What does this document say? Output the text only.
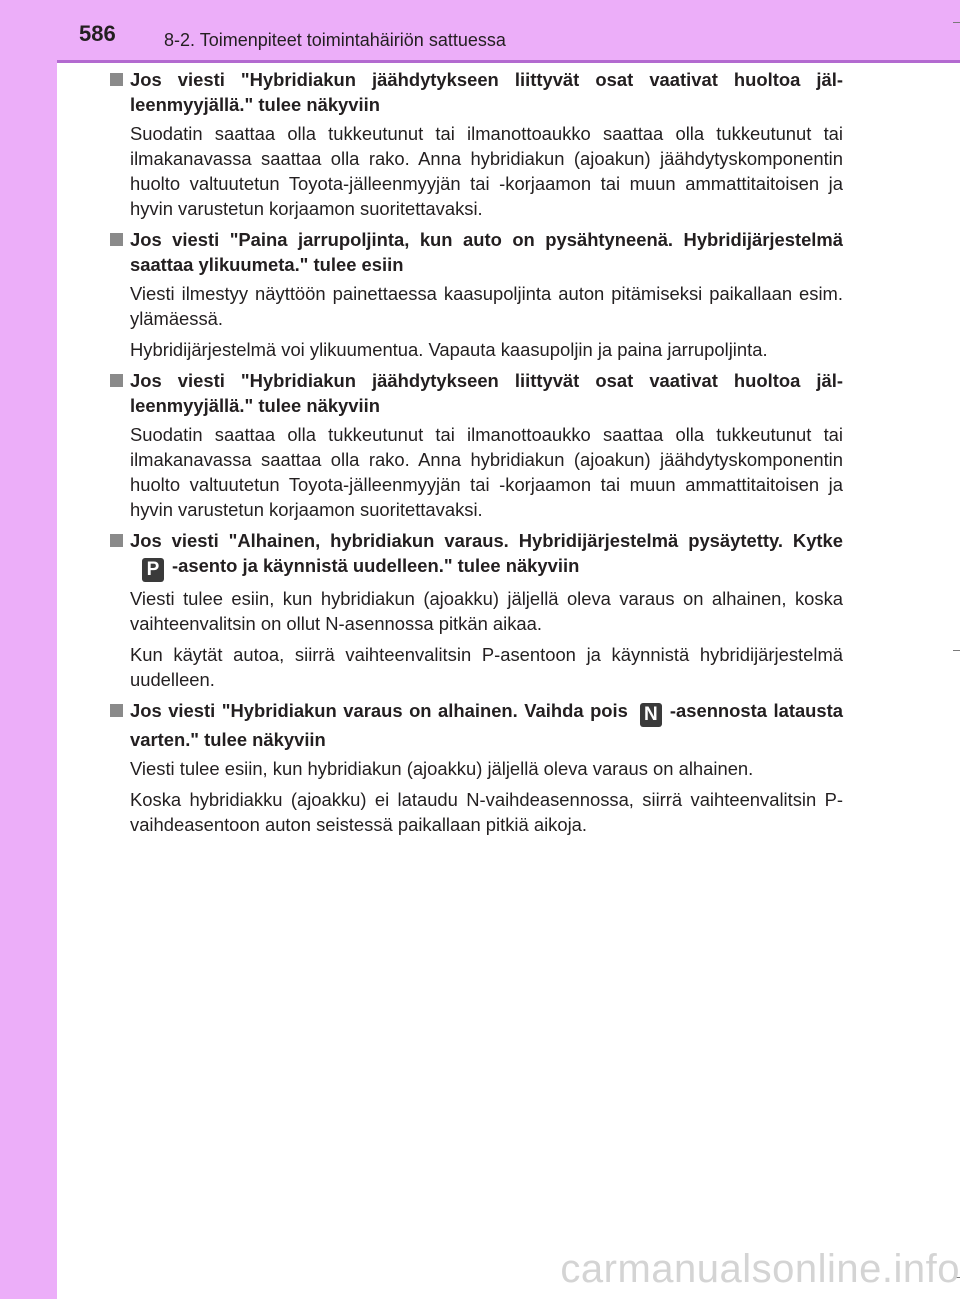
586	8-2. Toimenpiteet toimintahäiriön sattuessa
Jos viesti "Hybridiakun jäähdytykseen liittyvät osat vaativat huoltoa jälleenmyyjällä." tulee näkyviin
Suodatin saattaa olla tukkeutunut tai ilmanottoaukko saattaa olla tukkeutunut tai ilmakanavassa saattaa olla rako. Anna hybridiakun (ajoakun) jäähdytyskomponentin huolto valtuutetun Toyota-jälleenmyyjän tai -korjaamon tai muun ammattitaitoisen ja hyvin varustetun korjaamon suoritettavaksi.
Jos viesti "Paina jarrupoljinta, kun auto on pysähtyneenä. Hybridijärjestelmä saattaa ylikuumeta." tulee esiin
Viesti ilmestyy näyttöön painettaessa kaasupoljinta auton pitämiseksi paikallaan esim. ylämäessä.
Hybridijärjestelmä voi ylikuumentua. Vapauta kaasupoljin ja paina jarrupoljinta.
Jos viesti "Hybridiakun jäähdytykseen liittyvät osat vaativat huoltoa jälleenmyyjällä." tulee näkyviin
Suodatin saattaa olla tukkeutunut tai ilmanottoaukko saattaa olla tukkeutunut tai ilmakanavassa saattaa olla rako. Anna hybridiakun (ajoakun) jäähdytyskomponentin huolto valtuutetun Toyota-jälleenmyyjän tai -korjaamon tai muun ammattitaitoisen ja hyvin varustetun korjaamon suoritettavaksi.
Jos viesti "Alhainen, hybridiakun varaus. Hybridijärjestelmä pysäytetty. KytkeP -asento ja käynnistä uudelleen." tulee näkyviin
Viesti tulee esiin, kun hybridiakun (ajoakku) jäljellä oleva varaus on alhainen, koska vaihteenvalitsin on ollut N-asennossa pitkän aikaa.
Kun käytät autoa, siirrä vaihteenvalitsin P-asentoon ja käynnistä hybridijärjestelmä uudelleen.
Jos viesti "Hybridiakun varaus on alhainen. Vaihda pois N -asennosta latausta varten." tulee näkyviin
Viesti tulee esiin, kun hybridiakun (ajoakku) jäljellä oleva varaus on alhainen.
Koska hybridiakku (ajoakku) ei lataudu N-vaihdeasennossa, siirrä vaihteenvalitsin P-vaihdeasentoon auton seistessä paikallaan pitkiä aikoja.
carmanualsonline.info
